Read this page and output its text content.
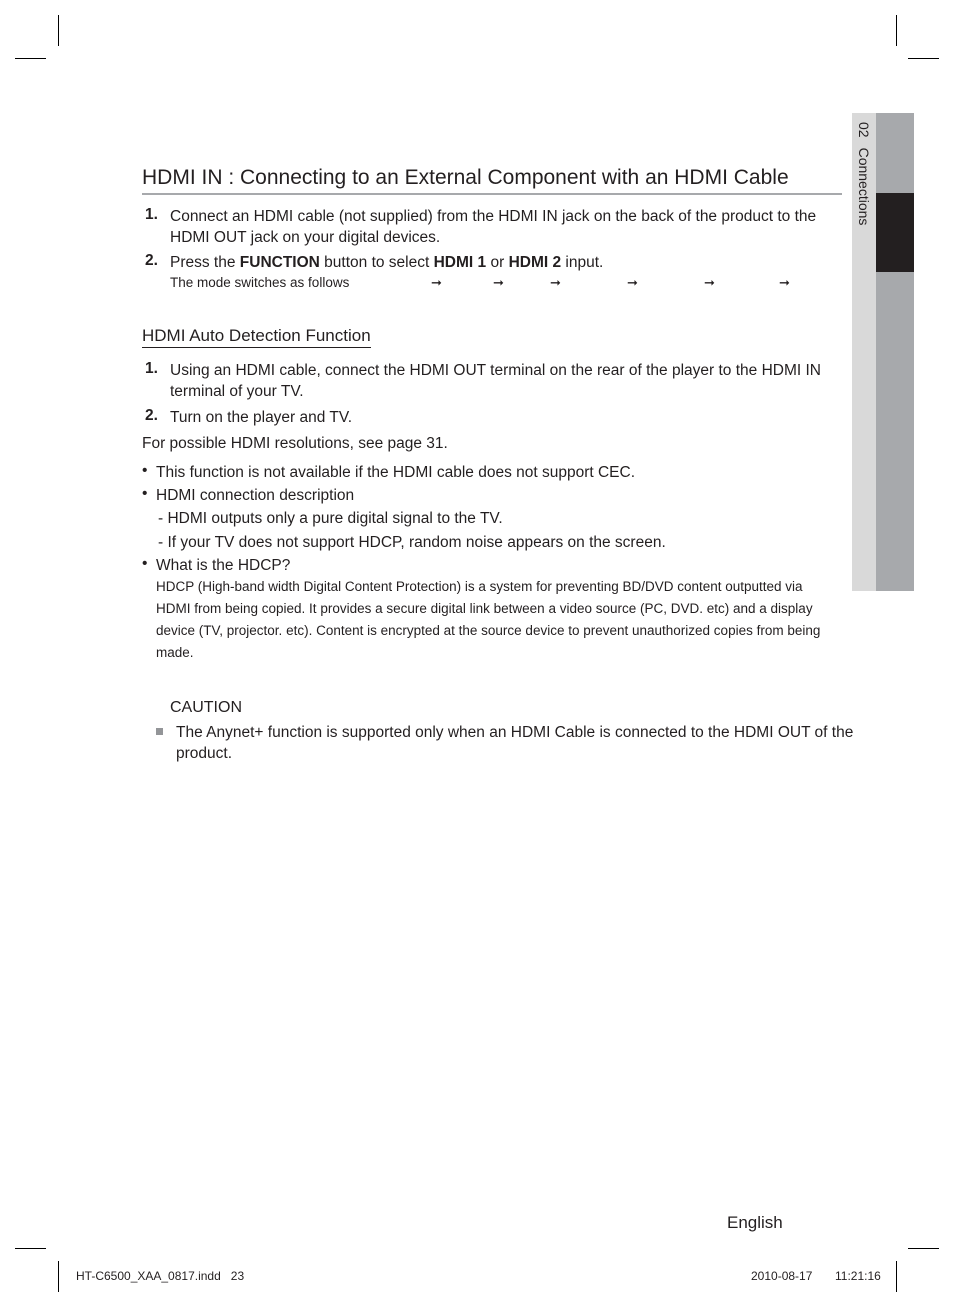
02Connections
HDMI IN : Connecting to an External Component with an HDMI Cable
1. Connect an HDMI cable (not supplied) from the HDMI IN jack on the back of the product to the
HDMI OUT jack on your digital devices.
2. Press the FUNCTION button to select HDMI 1 or HDMI 2 input.
The mode switches as follows	➞	➞	➞	➞	➞	➞
HDMI Auto Detection Function
1. Using an HDMI cable, connect the HDMI OUT terminal on the rear of the player to the HDMI IN
terminal of your TV.
2. Turn on the player and TV.
For possible HDMI resolutions, see page 31.
• This function is not available if the HDMI cable does not support CEC.
• HDMI connection description
- HDMI outputs only a pure digital signal to the TV.
- If your TV does not support HDCP, random noise appears on the screen.
• What is the HDCP?
HDCP (High-band width Digital Content Protection) is a system for preventing BD/DVD content outputted via
HDMI from being copied. It provides a secure digital link between a video source (PC, DVD. etc) and a display
device (TV, projector. etc). Content is encrypted at the source device to prevent unauthorized copies from being
made.
CAUTION
The Anynet+ function is supported only when an HDMI Cable is connected to the HDMI OUT of the
product.
English
HT-C6500_XAA_0817.indd   23	2010-08-17 11:21:16
